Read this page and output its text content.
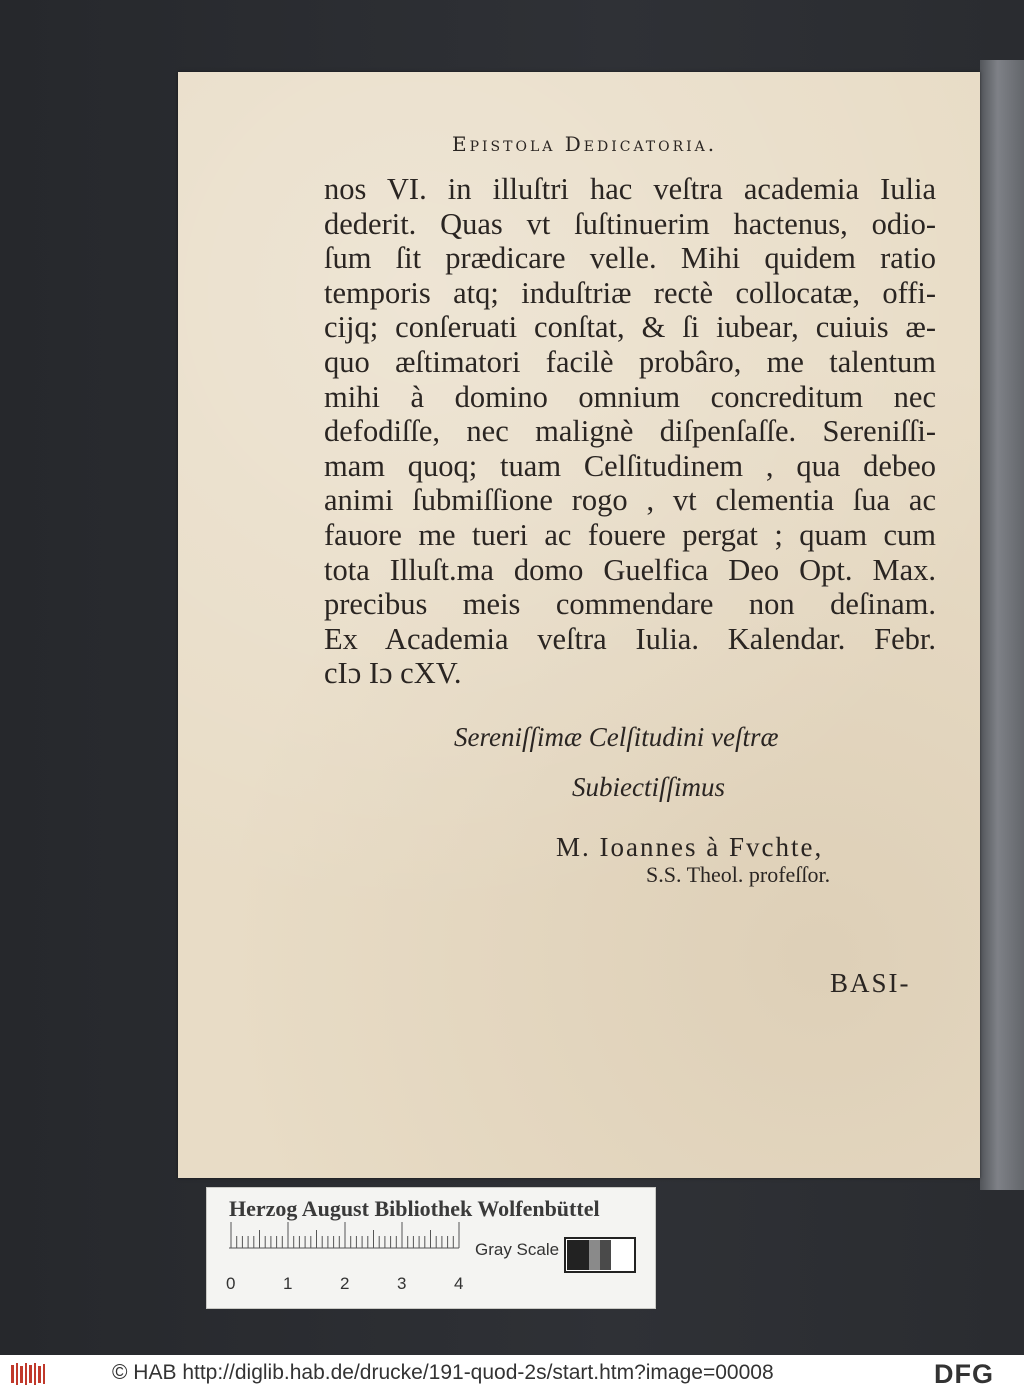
Epistola Dedicatoria.
nos VI. in illuſtri hac veſtra academia Iulia
dederit. Quas vt ſuſtinuerim hactenus, odio-
ſum ſit prædicare velle. Mihi quidem ratio
temporis atq; induſtriæ rectè collocatæ, offi-
cijq; conſeruati conſtat, & ſi iubear, cuiuis æ-
quo æſtimatori facilè probâro, me talentum
mihi à domino omnium concreditum nec
defodiſſe, nec malignè diſpenſaſſe. Sereniſſi-
mam quoq; tuam Celſitudinem , qua debeo
animi ſubmiſſione rogo , vt clementia ſua ac
fauore me tueri ac fouere pergat ; quam cum
tota Illuſt.ma domo Guelfica Deo Opt. Max.
precibus meis commendare non deſinam.
Ex Academia veſtra Iulia. Kalendar. Febr.
cIɔ Iɔ cXV.
Sereniſſimæ Celſitudini veſtræ
Subiectiſſimus
M. Ioannes à Fvchte,
S.S. Theol. profeſſor.
BASI-
Herzog August Bibliothek Wolfenbüttel
Gray Scale
0	1	2	3	4
© HAB http://diglib.hab.de/drucke/191-quod-2s/start.htm?image=00008	DFG
